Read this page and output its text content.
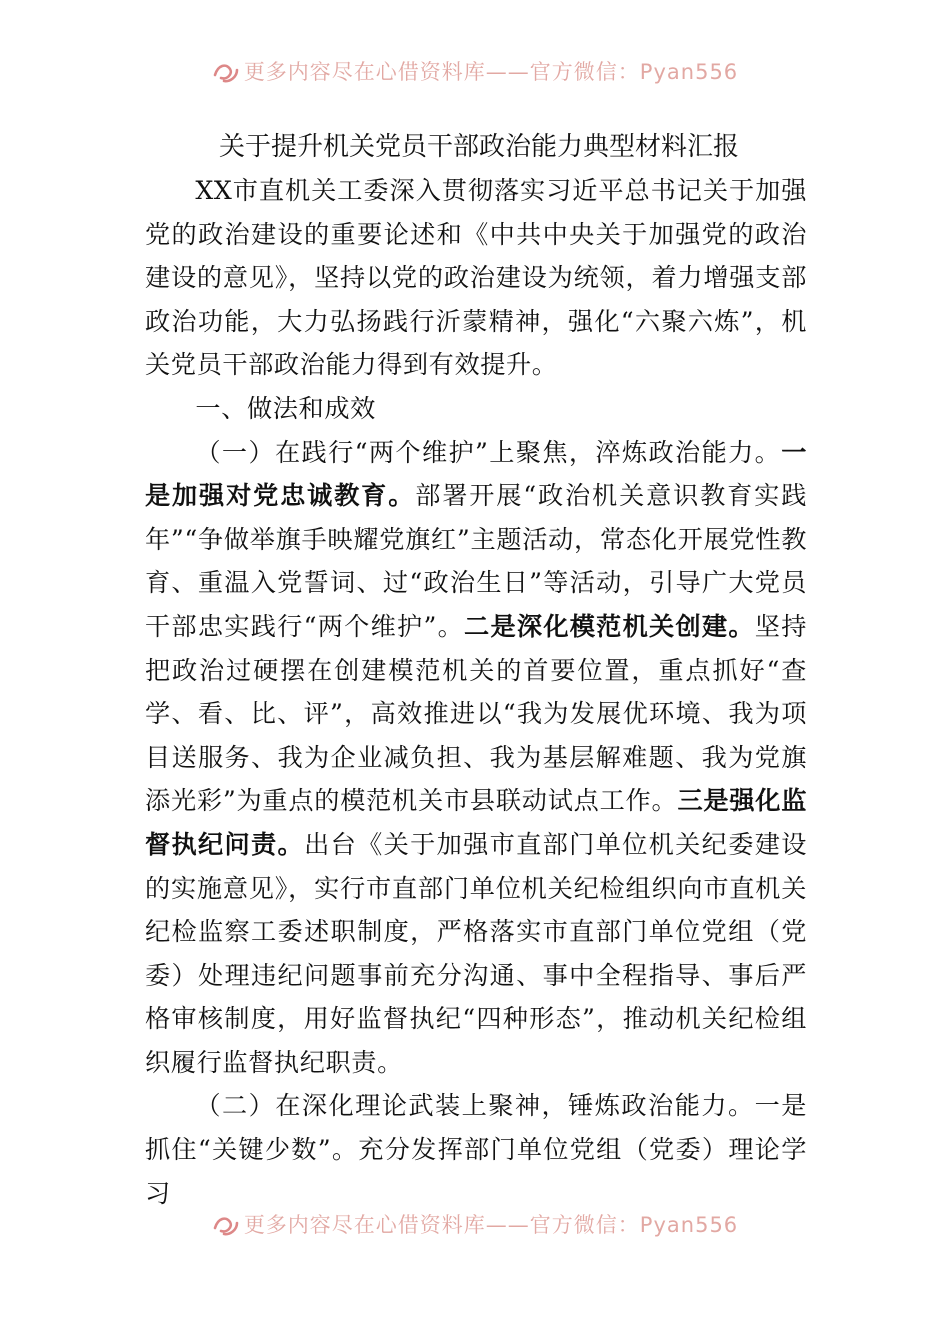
更多内容尽在心借资料库——官方微信：Pyan556

关于提升机关党员干部政治能力典型材料汇报

XX市直机关工委深入贯彻落实习近平总书记关于加强党的政治建设的重要论述和《中共中央关于加强党的政治建设的意见》，坚持以党的政治建设为统领，着力增强支部政治功能，大力弘扬践行沂蒙精神，强化“六聚六炼”，机关党员干部政治能力得到有效提升。

一、做法和成效

（一）在践行“两个维护”上聚焦，淬炼政治能力。一是加强对党忠诚教育。部署开展“政治机关意识教育实践年”“争做举旗手映耀党旗红”主题活动，常态化开展党性教育、重温入党誓词、过“政治生日”等活动，引导广大党员干部忠实践行“两个维护”。二是深化模范机关创建。坚持把政治过硬摆在创建模范机关的首要位置，重点抓好“查学、看、比、评”，高效推进以“我为发展优环境、我为项目送服务、我为企业减负担、我为基层解难题、我为党旗添光彩”为重点的模范机关市县联动试点工作。三是强化监督执纪问责。出台《关于加强市直部门单位机关纪委建设的实施意见》，实行市直部门单位机关纪检组织向市直机关纪检监察工委述职制度，严格落实市直部门单位党组（党委）处理违纪问题事前充分沟通、事中全程指导、事后严格审核制度，用好监督执纪“四种形态”，推动机关纪检组织履行监督执纪职责。

（二）在深化理论武装上聚神，锤炼政治能力。一是抓住“关键少数”。充分发挥部门单位党组（党委）理论学习

更多内容尽在心借资料库——官方微信：Pyan556
